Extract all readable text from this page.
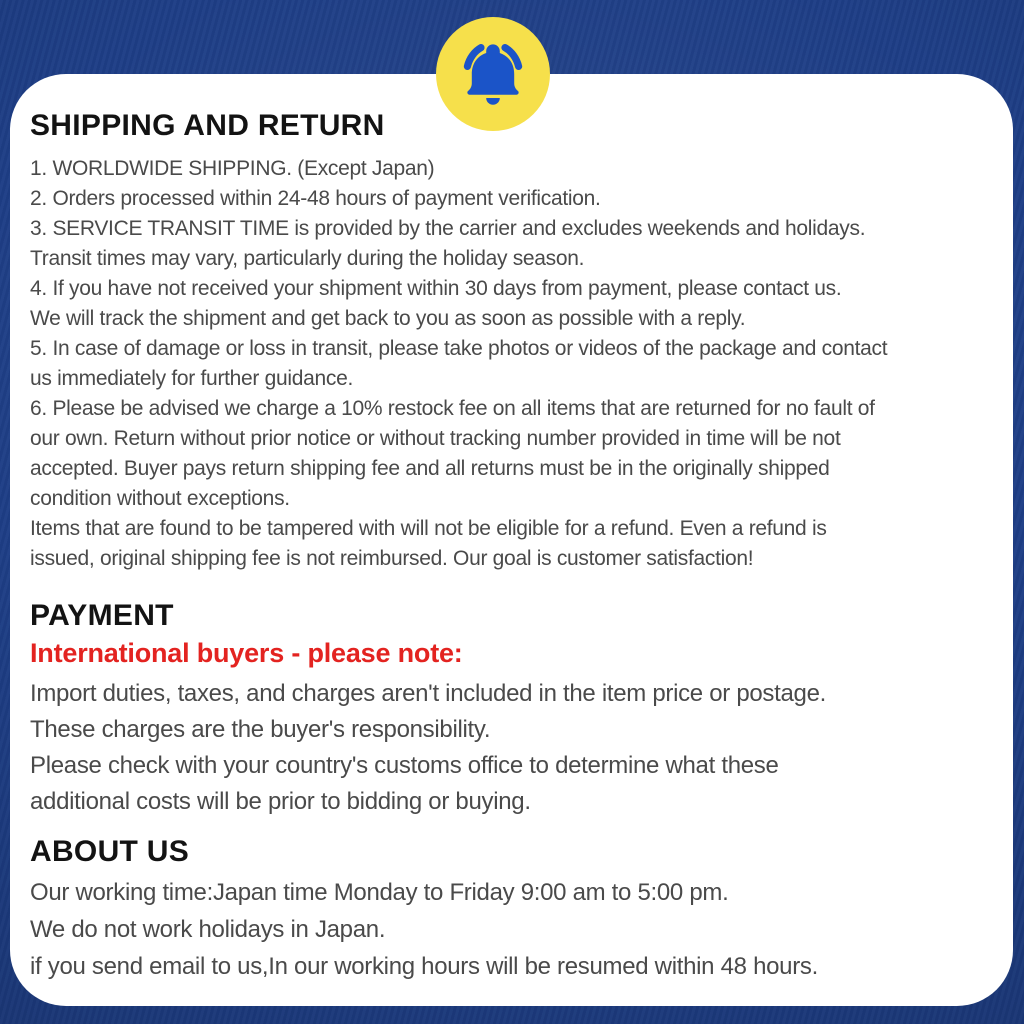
SHIPPING AND RETURN
1. WORLDWIDE SHIPPING. (Except Japan)
2. Orders processed within 24-48 hours of payment verification.
3. SERVICE TRANSIT TIME is provided by the carrier and excludes weekends and holidays.
Transit times may vary, particularly during the holiday season.
4. If you have not received your shipment within 30 days from payment, please contact us.
We will track the shipment and get back to you as soon as possible with a reply.
5. In case of damage or loss in transit, please take photos or videos of the package and contact
us immediately for further guidance.
6. Please be advised we charge a 10% restock fee on all items that are returned for no fault of
our own. Return without prior notice or without tracking number provided in time will be not
accepted. Buyer pays return shipping fee and all returns must be in the originally shipped
condition without exceptions.
Items that are found to be tampered with will not be eligible for a refund. Even a refund is
issued, original shipping fee is not reimbursed. Our goal is customer satisfaction!
PAYMENT
International buyers - please note:
Import duties, taxes, and charges aren't included in the item price or postage.
These charges are the buyer's responsibility.
Please check with your country's customs office to determine what these
additional costs will be prior to bidding or buying.
ABOUT US
Our working time:Japan time Monday to Friday 9:00 am to 5:00 pm.
We do not work holidays in Japan.
if you send email to us,In our working hours will be resumed within 48 hours.
